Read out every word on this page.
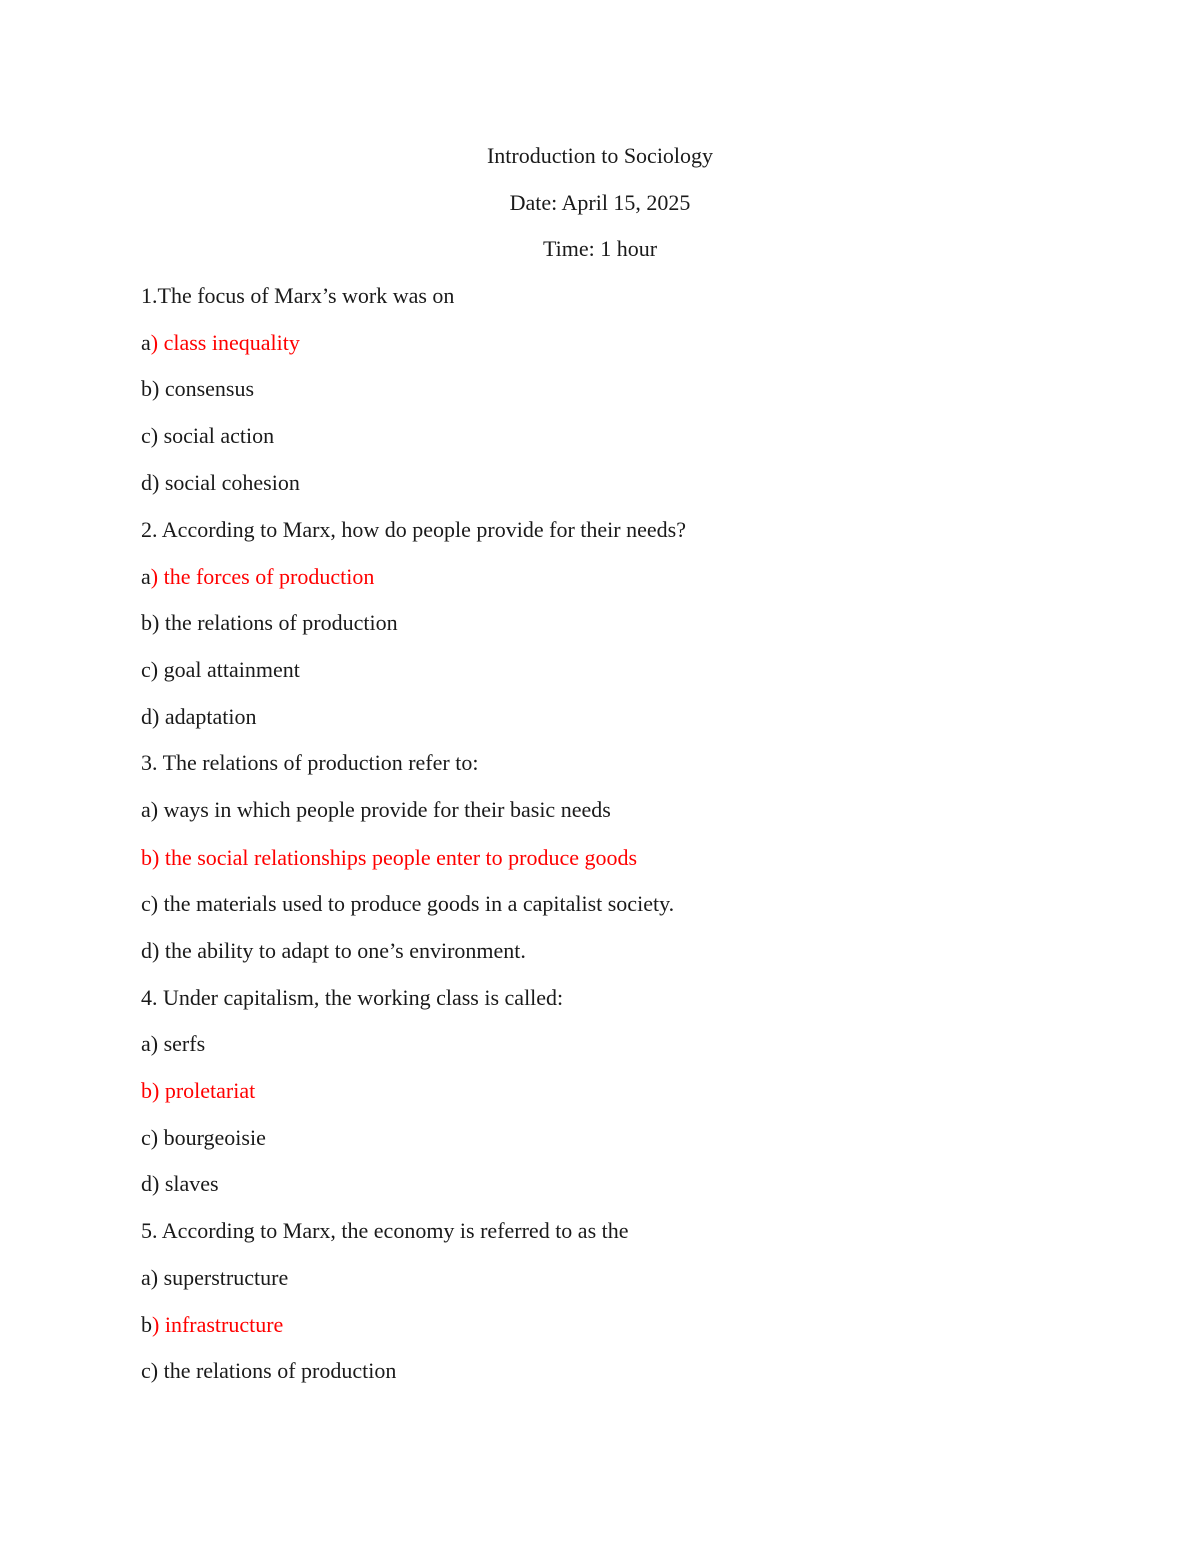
Introduction to Sociology
Date: April 15, 2025
Time: 1 hour
1.The focus of Marx’s work was on
a) class inequality
b) consensus
c) social action
d) social cohesion
2. According to Marx, how do people provide for their needs?
a) the forces of production
b) the relations of production
c) goal attainment
d) adaptation
3. The relations of production refer to:
a) ways in which people provide for their basic needs
b) the social relationships people enter to produce goods
c) the materials used to produce goods in a capitalist society.
d) the ability to adapt to one’s environment.
4. Under capitalism, the working class is called:
a) serfs
b) proletariat
c) bourgeoisie
d) slaves
5. According to Marx, the economy is referred to as the
a) superstructure
b) infrastructure
c) the relations of production
